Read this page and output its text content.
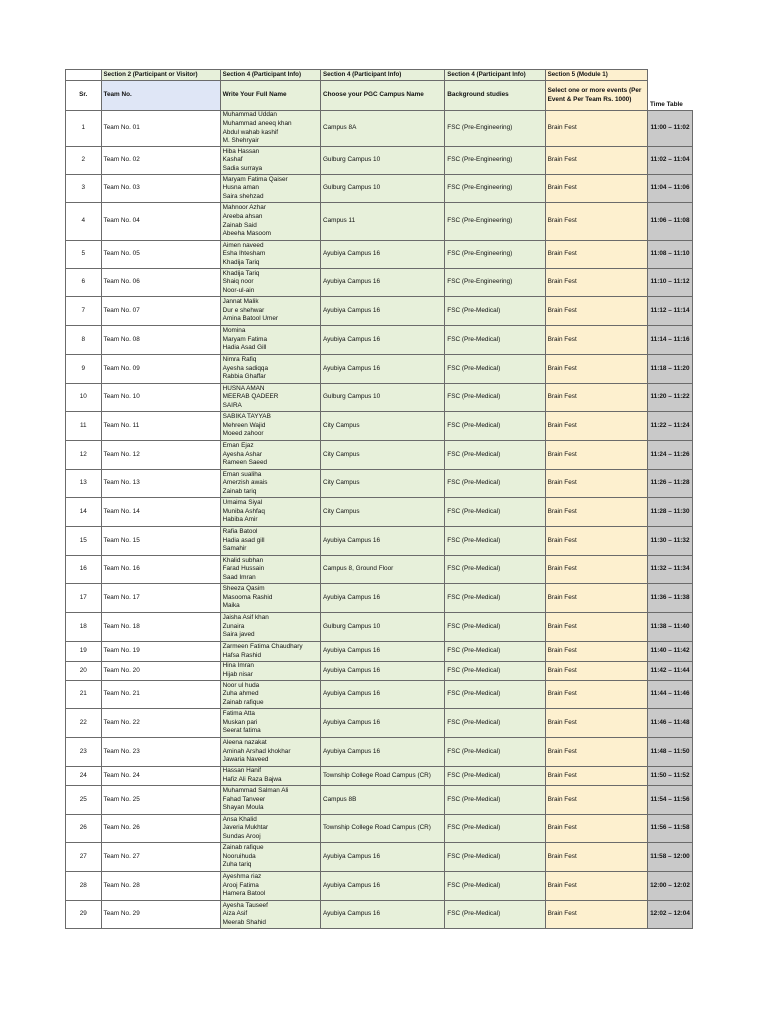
	Section 2 (Participant or Visitor)	Section 4 (Participant Info)	Section 4 (Participant Info)	Section 4 (Participant Info)	Section 5 (Module 1)	
Sr.	Team No.	Write Your Full Name	Choose your PGC Campus Name	Background studies	Select one or more events (Per Event & Per Team Rs. 1000)	Time Table
1	Team No. 01	Muhammad Uddan
Muhammad aneeq khan
Abdul wahab kashif
M. Shehryair	Campus 8A	FSC (Pre-Engineering)	Brain Fest	11:00 – 11:02
2	Team No. 02	Hiba Hassan
Kashaf
Sadia surraya	Gulburg Campus 10	FSC (Pre-Engineering)	Brain Fest	11:02 – 11:04
3	Team No. 03	Maryam Fatima Qaiser
Husna aman
Saira shehzad	Gulburg Campus 10	FSC (Pre-Engineering)	Brain Fest	11:04 – 11:06
4	Team No. 04	Mahnoor Azhar
Areeba ahsan
Zainab Said
Abeeha Masoom	Campus 11	FSC (Pre-Engineering)	Brain Fest	11:06 – 11:08
5	Team No. 05	Aimen naveed
Esha Ihtesham
Khadija Tariq	Ayubiya Campus 16	FSC (Pre-Engineering)	Brain Fest	11:08 – 11:10
6	Team No. 06	Khadija Tariq
Shaiq noor
Noor-ul-ain	Ayubiya Campus 16	FSC (Pre-Engineering)	Brain Fest	11:10 – 11:12
7	Team No. 07	Jannat Malik
Dur e shehwar
Amina Batool Umer	Ayubiya Campus 16	FSC (Pre-Medical)	Brain Fest	11:12 – 11:14
8	Team No. 08	Momina
Maryam Fatima
Hadia Asad Gill	Ayubiya Campus 16	FSC (Pre-Medical)	Brain Fest	11:14 – 11:16
9	Team No. 09	Nimra Rafiq
Ayesha sadiqqa
Rabbia Ghaffar	Ayubiya Campus 16	FSC (Pre-Medical)	Brain Fest	11:18 – 11:20
10	Team No. 10	HUSNA AMAN
MEERAB QADEER
SAIRA	Gulburg Campus 10	FSC (Pre-Medical)	Brain Fest	11:20 – 11:22
11	Team No. 11	SABIKA TAYYAB
Mehreen Wajid
Moeed zahoor	City Campus	FSC (Pre-Medical)	Brain Fest	11:22 – 11:24
12	Team No. 12	Eman Ejaz
Ayesha Ashar
Rameen Saeed	City Campus	FSC (Pre-Medical)	Brain Fest	11:24 – 11:26
13	Team No. 13	Eman sualiha
Amerzish awais
Zainab tariq	City Campus	FSC (Pre-Medical)	Brain Fest	11:26 – 11:28
14	Team No. 14	Umaima Siyal
Muniba Ashfaq
Habiba Amir	City Campus	FSC (Pre-Medical)	Brain Fest	11:28 – 11:30
15	Team No. 15	Rafia Batool
Hadia asad gill
Samahir	Ayubiya Campus 16	FSC (Pre-Medical)	Brain Fest	11:30 – 11:32
16	Team No. 16	Khalid subhan
Farad Hussain
Saad Imran	Campus 8, Ground Floor	FSC (Pre-Medical)	Brain Fest	11:32 – 11:34
17	Team No. 17	Sheeza Qasim
Masooma Rashid
Maika	Ayubiya Campus 16	FSC (Pre-Medical)	Brain Fest	11:36 – 11:38
18	Team No. 18	Jaisha Asif khan
Zunaira
Saira javed	Gulburg Campus 10	FSC (Pre-Medical)	Brain Fest	11:38 – 11:40
19	Team No. 19	Zarmeen Fatima Chaudhary
Hafsa Rashid	Ayubiya Campus 16	FSC (Pre-Medical)	Brain Fest	11:40 – 11:42
20	Team No. 20	Hina Imran
Hijab nisar	Ayubiya Campus 16	FSC (Pre-Medical)	Brain Fest	11:42 – 11:44
21	Team No. 21	Noor ul huda
Zuha ahmed
Zainab rafique	Ayubiya Campus 16	FSC (Pre-Medical)	Brain Fest	11:44 – 11:46
22	Team No. 22	Fatima Atta
Muskan pari
Seerat fatima	Ayubiya Campus 16	FSC (Pre-Medical)	Brain Fest	11:46 – 11:48
23	Team No. 23	Aleena nazakat
Aminah Arshad khokhar
Jawaria Naveed	Ayubiya Campus 16	FSC (Pre-Medical)	Brain Fest	11:48 – 11:50
24	Team No. 24	Hassan Hanif
Hafiz Ali Raza Bajwa	Township College Road Campus (CR)	FSC (Pre-Medical)	Brain Fest	11:50 – 11:52
25	Team No. 25	Muhammad Salman Ali
Fahad Tanveer
Shayan Moula	Campus 8B	FSC (Pre-Medical)	Brain Fest	11:54 – 11:56
26	Team No. 26	Ansa Khalid
Javeria Mukhtar
Sundas Arooj	Township College Road Campus (CR)	FSC (Pre-Medical)	Brain Fest	11:56 – 11:58
27	Team No. 27	Zainab rafique
Nooruihuda
Zuha tariq	Ayubiya Campus 16	FSC (Pre-Medical)	Brain Fest	11:58 – 12:00
28	Team No. 28	Ayeshma riaz
Arooj Fatima
Hamera Batool	Ayubiya Campus 16	FSC (Pre-Medical)	Brain Fest	12:00 – 12:02
29	Team No. 29	Ayesha Tauseef
Aiza Asif
Meerab Shahid	Ayubiya Campus 16	FSC (Pre-Medical)	Brain Fest	12:02 – 12:04
